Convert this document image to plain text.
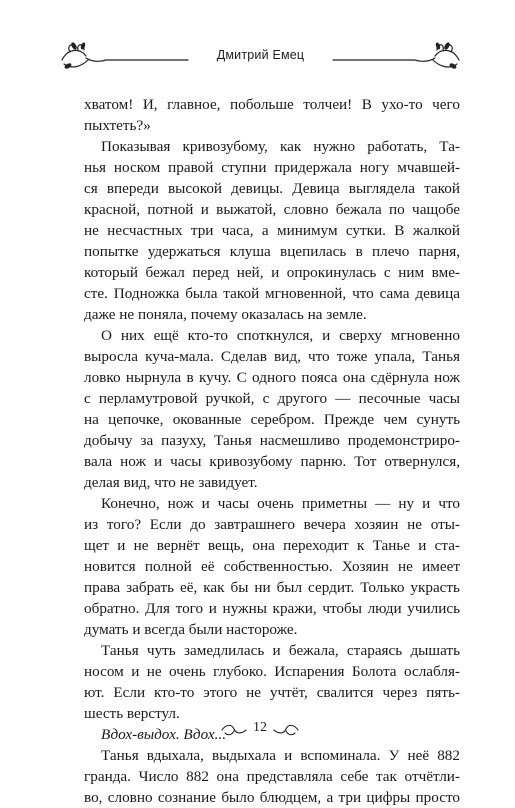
Дмитрий Емец
хватом! И, главное, побольше толчеи! В ухо-то чего
пыхтеть?»
Показывая кривозубому, как нужно работать, Та-
нья носком правой ступни придержала ногу мчавшей-
ся впереди высокой девицы. Девица выглядела такой
красной, потной и выжатой, словно бежала по чащобе
не несчастных три часа, а минимум сутки. В жалкой
попытке удержаться клуша вцепилась в плечо парня,
который бежал перед ней, и опрокинулась с ним вме-
сте. Подножка была такой мгновенной, что сама девица
даже не поняла, почему оказалась на земле.
О них ещё кто-то споткнулся, и сверху мгновенно
выросла куча-мала. Сделав вид, что тоже упала, Танья
ловко нырнула в кучу. С одного пояса она сдёрнула нож
с перламутровой ручкой, с другого — песочные часы
на цепочке, окованные серебром. Прежде чем сунуть
добычу за пазуху, Танья насмешливо продемонстриро-
вала нож и часы кривозубому парню. Тот отвернулся,
делая вид, что не завидует.
Конечно, нож и часы очень приметны — ну и что
из того? Если до завтрашнего вечера хозяин не оты-
щет и не вернёт вещь, она переходит к Танье и ста-
новится полной её собственностью. Хозяин не имеет
права забрать её, как бы ни был сердит. Только украсть
обратно. Для того и нужны кражи, чтобы люди учились
думать и всегда были настороже.
Танья чуть замедлилась и бежала, стараясь дышать
носом и не очень глубоко. Испарения Болота ослабля-
ют. Если кто-то этого не учтёт, свалится через пять-
шесть верстул.
Вдох-выдох. Вдох...
Танья вдыхала, выдыхала и вспоминала. У неё 882
гранда. Число 882 она представляла себе так отчётли-
во, словно сознание было блюдцем, а три цифры просто
12
